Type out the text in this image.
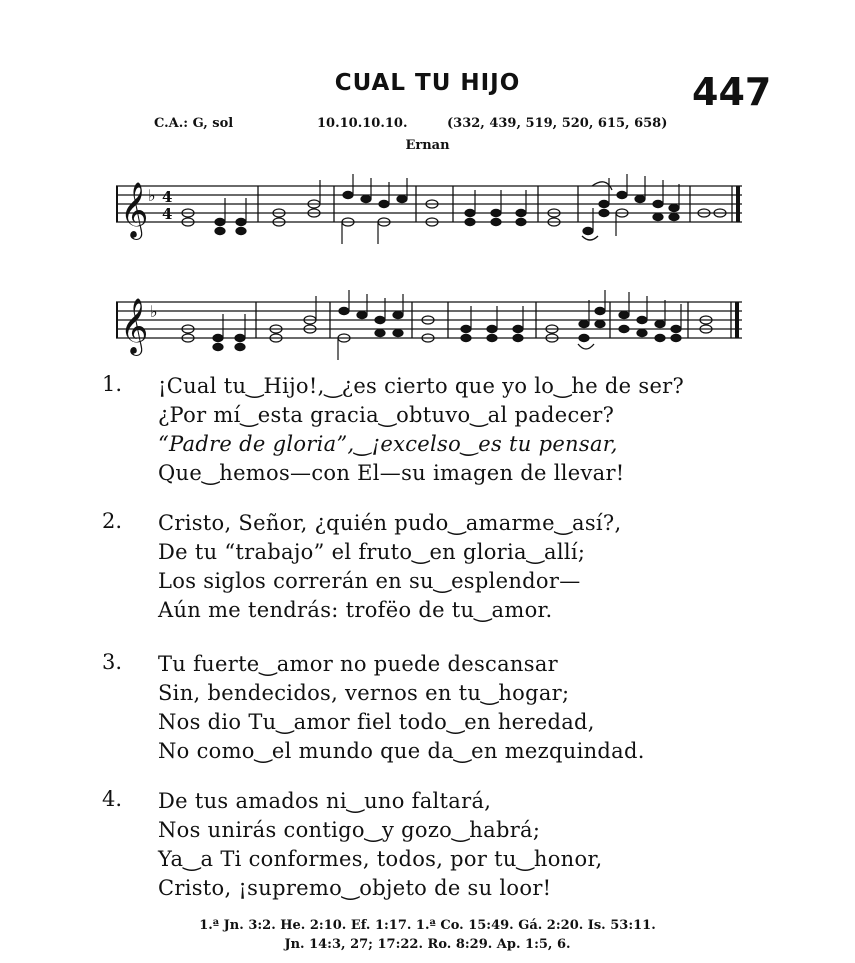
CUAL TU HIJO	447
C.A.: G, sol	10.10.10.10.	(332, 439, 519, 520, 615, 658)
Ernan
𝄞 ♭ 4
4
𝄞 ♭
1. ¡Cual tu‿Hijo!,‿¿es cierto que yo lo‿he de ser?
¿Por mí‿esta gracia‿obtuvo‿al padecer?
“Padre de gloria”,‿¡excelso‿es tu pensar,
Que‿hemos—con El—su imagen de llevar!
2. Cristo, Señor, ¿quién pudo‿amarme‿así?,
De tu “trabajo” el fruto‿en gloria‿allí;
Los siglos correrán en su‿esplendor—
Aún me tendrás: trofëo de tu‿amor.
3. Tu fuerte‿amor no puede descansar
Sin, bendecidos, vernos en tu‿hogar;
Nos dio Tu‿amor fiel todo‿en heredad,
No como‿el mundo que da‿en mezquindad.
4. De tus amados ni‿uno faltará,
Nos unirás contigo‿y gozo‿habrá;
Ya‿a Ti conformes, todos, por tu‿honor,
Cristo, ¡supremo‿objeto de su loor!
1.ª Jn. 3:2. He. 2:10. Ef. 1:17. 1.ª Co. 15:49. Gá. 2:20. Is. 53:11.
Jn. 14:3, 27; 17:22. Ro. 8:29. Ap. 1:5, 6.
